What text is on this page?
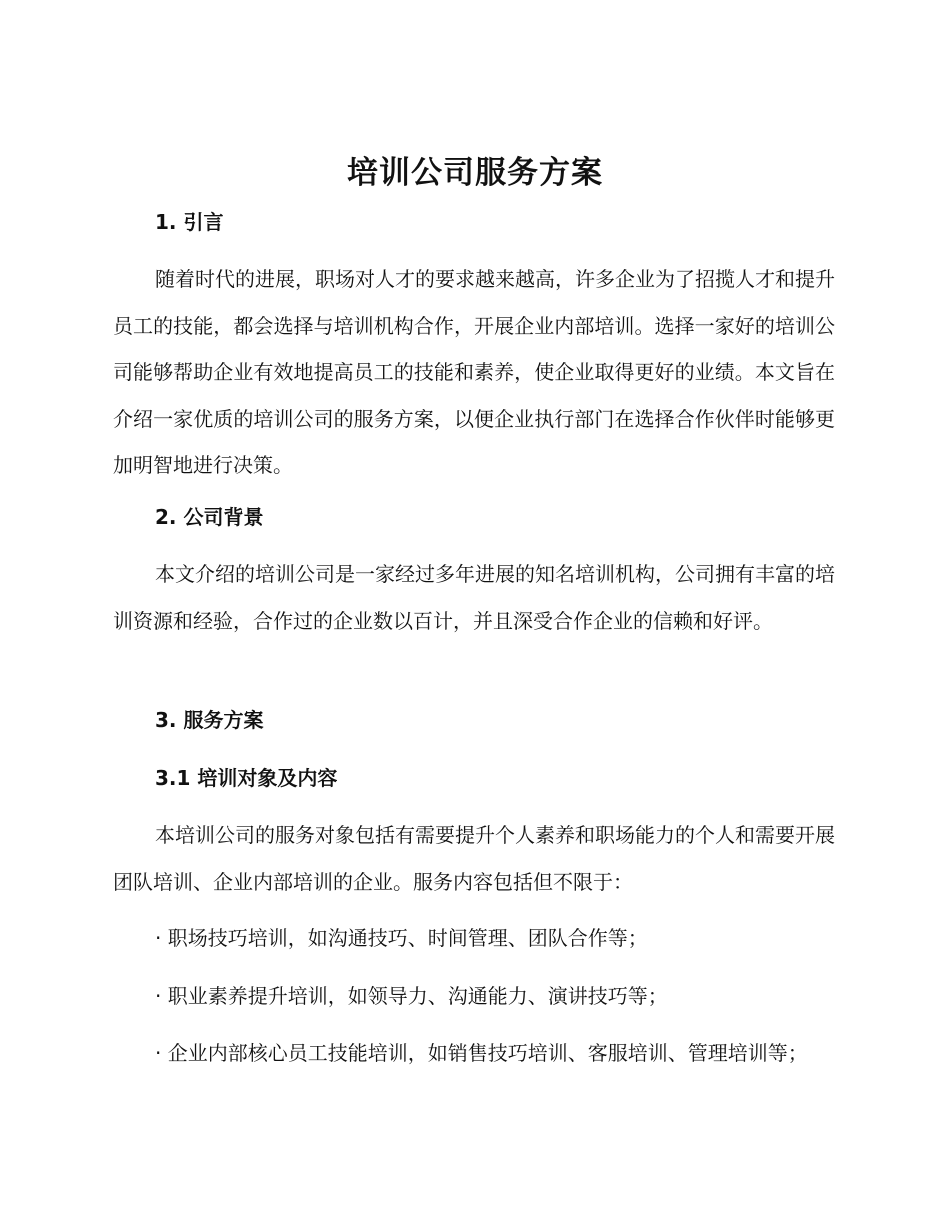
培训公司服务方案
1. 引言

随着时代的进展，职场对人才的要求越来越高，许多企业为了招揽人才和提升员工的技能，都会选择与培训机构合作，开展企业内部培训。选择一家好的培训公司能够帮助企业有效地提高员工的技能和素养，使企业取得更好的业绩。本文旨在介绍一家优质的培训公司的服务方案，以便企业执行部门在选择合作伙伴时能够更加明智地进行决策。

2. 公司背景

本文介绍的培训公司是一家经过多年进展的知名培训机构，公司拥有丰富的培训资源和经验，合作过的企业数以百计，并且深受合作企业的信赖和好评。

3. 服务方案
3.1 培训对象及内容

本培训公司的服务对象包括有需要提升个人素养和职场能力的个人和需要开展团队培训、企业内部培训的企业。服务内容包括但不限于：

· 职场技巧培训，如沟通技巧、时间管理、团队合作等；

· 职业素养提升培训，如领导力、沟通能力、演讲技巧等；

· 企业内部核心员工技能培训，如销售技巧培训、客服培训、管理培训等；
